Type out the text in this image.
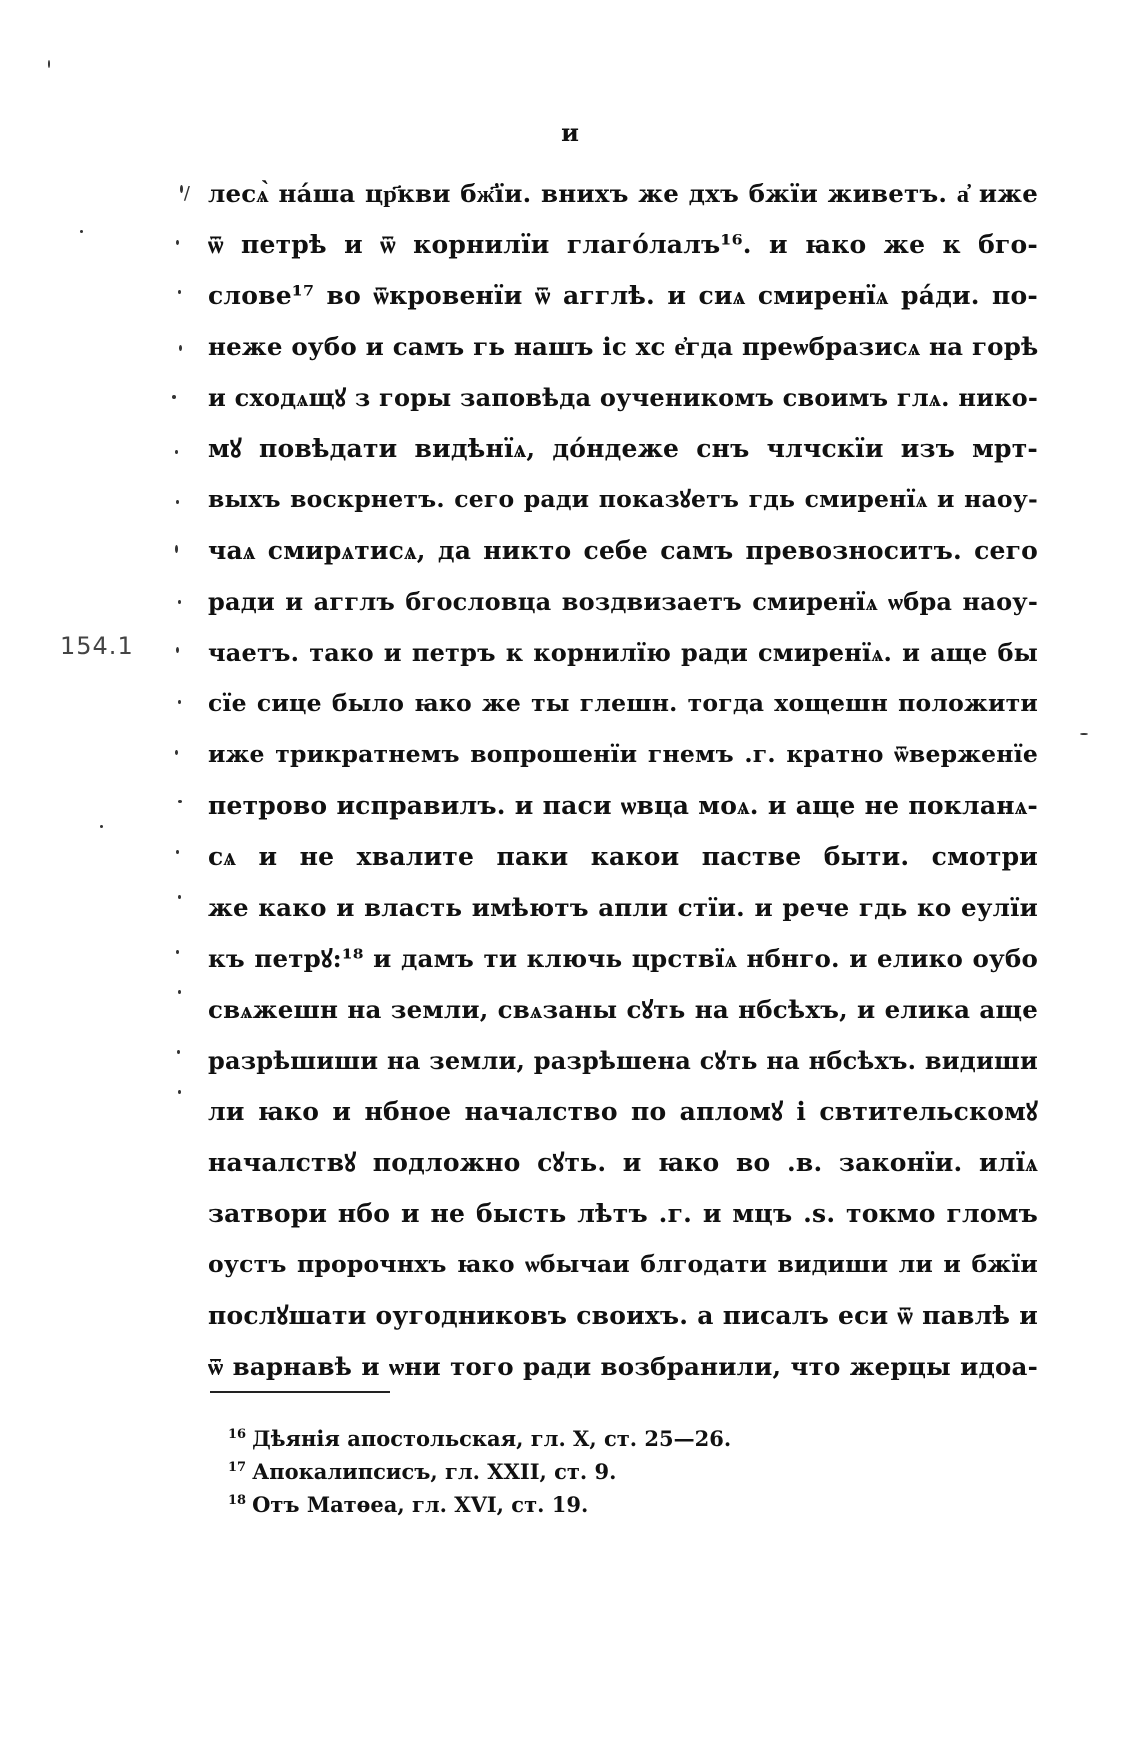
и
154.1
лесѧ̀ на́ша цр҃кви бж҃їи. внихъ же дхъ бжїи живетъ. а҆ иже
ѿ петрѣ и ѿ корнилїи глаго́лалъ¹⁶. и ꙗко же к бго-
слове¹⁷ во ѿкровенїи ѿ агглѣ. и сиѧ смиренїѧ ра́ди. по-
неже оубо и самъ гь нашъ іс хс е҆гда преѡбразисѧ на горѣ
и сходѧщꙋ з горы заповѣда оученикомъ своимъ глѧ. нико-
мꙋ повѣдати видѣнїѧ, до́ндеже снъ члчскїи изъ мрт-
выхъ воскрнетъ. сего ради показꙋетъ гдь смиренїѧ и наоу-
чаѧ смирѧтисѧ, да никто себе самъ превозноситъ. сего
ради и агглъ бгословца воздвизаетъ смиренїѧ ѡбра наоу-
чаетъ. тако и петръ к корнилїю ради смиренїѧ. и аще бы
сїе сице было ꙗко же ты глешн. тогда хощешн положити
иже трикратнемъ вопрошенїи гнемъ .г. кратно ѿверженїе
петрово исправилъ. и паси ѡвца моѧ. и аще не покланѧ-
сѧ и не хвалите паки какои пастве быти. смотри
же како и власть имѣютъ апли стїи. и рече гдь ко еулїи
къ петрꙋ:¹⁸ и дамъ ти ключь црствїѧ нбнго. и елико оубо
свѧжешн на земли, свѧзаны сꙋть на нбсѣхъ, и елика аще
разрѣшиши на земли, разрѣшена сꙋть на нбсѣхъ. видиши
ли ꙗко и нбное началство по апломꙋ і свтительскомꙋ
началствꙋ подложно сꙋть. и ꙗко во .в. законїи. илїѧ
затвори нбо и не бысть лѣтъ .г. и мцъ .ѕ. токмо гломъ
оустъ пророчнхъ ꙗко ѡбычаи блгодати видиши ли и бжїи
послꙋшати оугодниковъ своихъ. а писалъ еси ѿ павлѣ и
ѿ варнавѣ и ѡни того ради возбранили, что жерцы идоа-
$^{16}$ Дѣянія апостольская, гл. X, ст. 25—26.
$^{17}$ Апокалипсисъ, гл. XXII, ст. 9.
$^{18}$ Отъ Матѳеа, гл. XVI, ст. 19.
/
